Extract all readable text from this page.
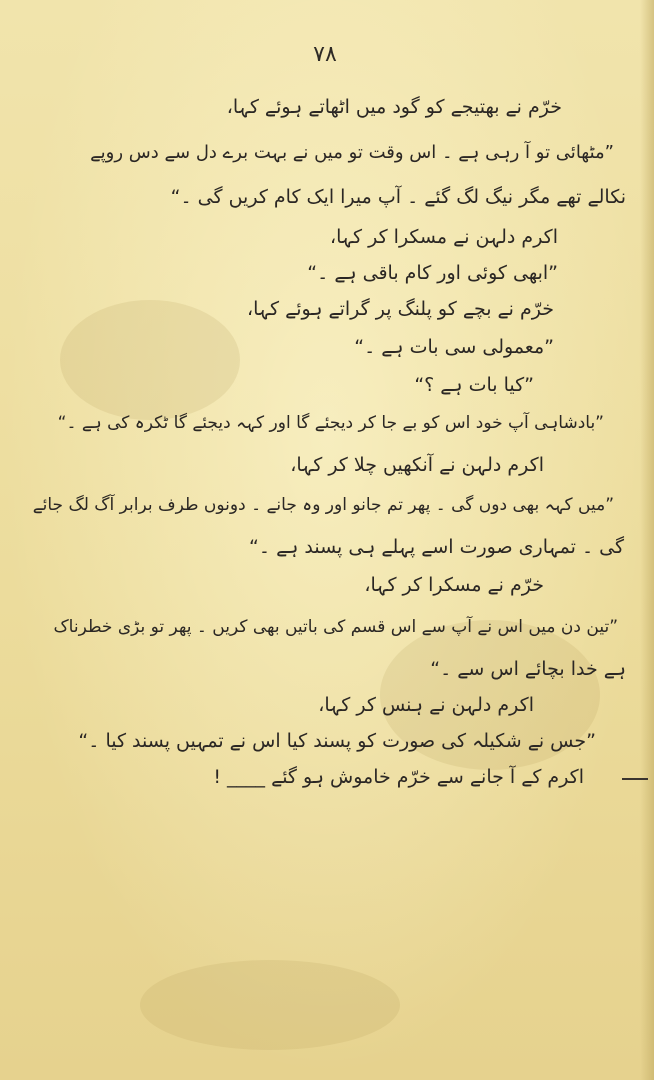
۷۸
خرّم نے بھتیجے کو گود میں اٹھاتے ہوئے کہا،
”مٹھائی تو آ رہی ہے ۔ اس وقت تو میں نے بہت برے دل سے دس روپے
نکالے تھے مگر نیگ لگ گئے ۔ آپ میرا ایک کام کریں گی ۔“
اکرم دلہن نے مسکرا کر کہا،
”ابھی کوئی اور کام باقی ہے ۔“
خرّم نے بچے کو پلنگ پر گراتے ہوئے کہا،
”معمولی سی بات ہے ۔“
”کیا بات ہے ؟“
”بادشاہی آپ خود اس کو بے جا کر دیجئے گا اور کہہ دیجئے گا ٹکرہ کی ہے ۔“
اکرم دلہن نے آنکھیں چلا کر کہا،
”میں کہہ بھی دوں گی ۔ پھر تم جانو اور وہ جانے ۔ دونوں طرف برابر آگ لگ جائے
گی ۔ تمہاری صورت اسے پہلے ہی پسند ہے ۔“
خرّم نے مسکرا کر کہا،
”تین دن میں اس نے آپ سے اس قسم کی باتیں بھی کریں ۔ پھر تو بڑی خطرناک
ہے خدا بچائے اس سے ۔“
اکرم دلہن نے ہنس کر کہا،
”جس نے شکیلہ کی صورت کو پسند کیا اس نے تمہیں پسند کیا ۔“
اکرم کے آ جانے سے خرّم خاموش ہو گئے ____ !
